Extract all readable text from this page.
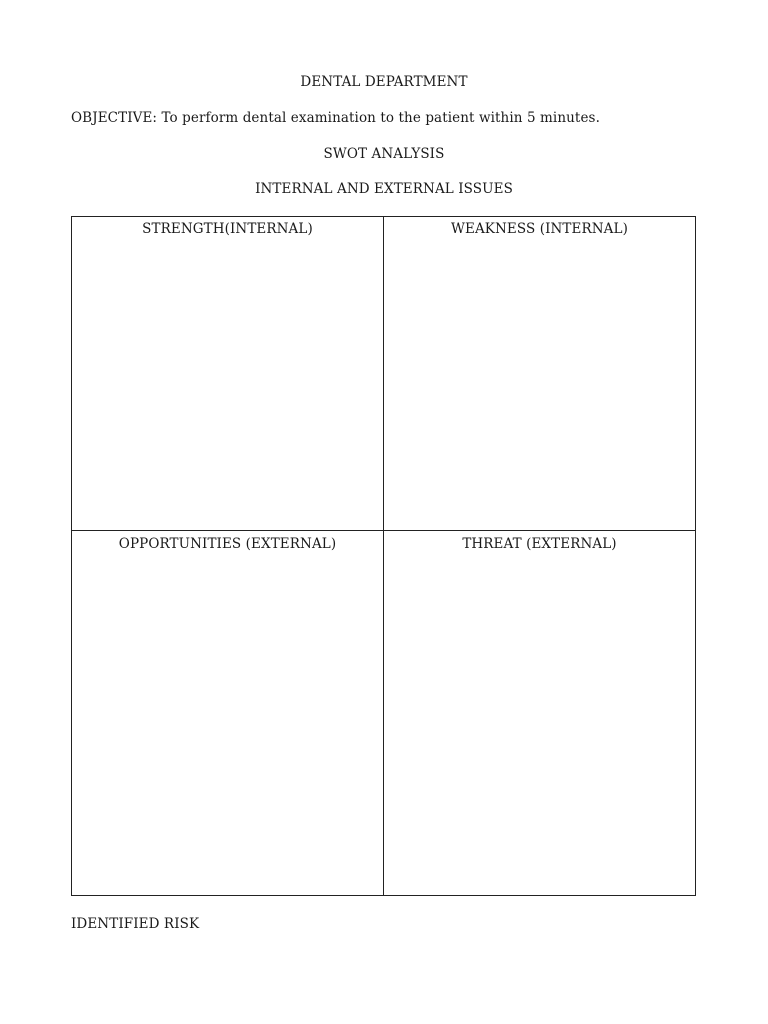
DENTAL DEPARTMENT
OBJECTIVE: To perform dental examination to the patient within 5 minutes.
SWOT ANALYSIS
INTERNAL AND EXTERNAL ISSUES
STRENGTH(INTERNAL)	WEAKNESS (INTERNAL)
OPPORTUNITIES (EXTERNAL)	THREAT (EXTERNAL)
IDENTIFIED RISK
